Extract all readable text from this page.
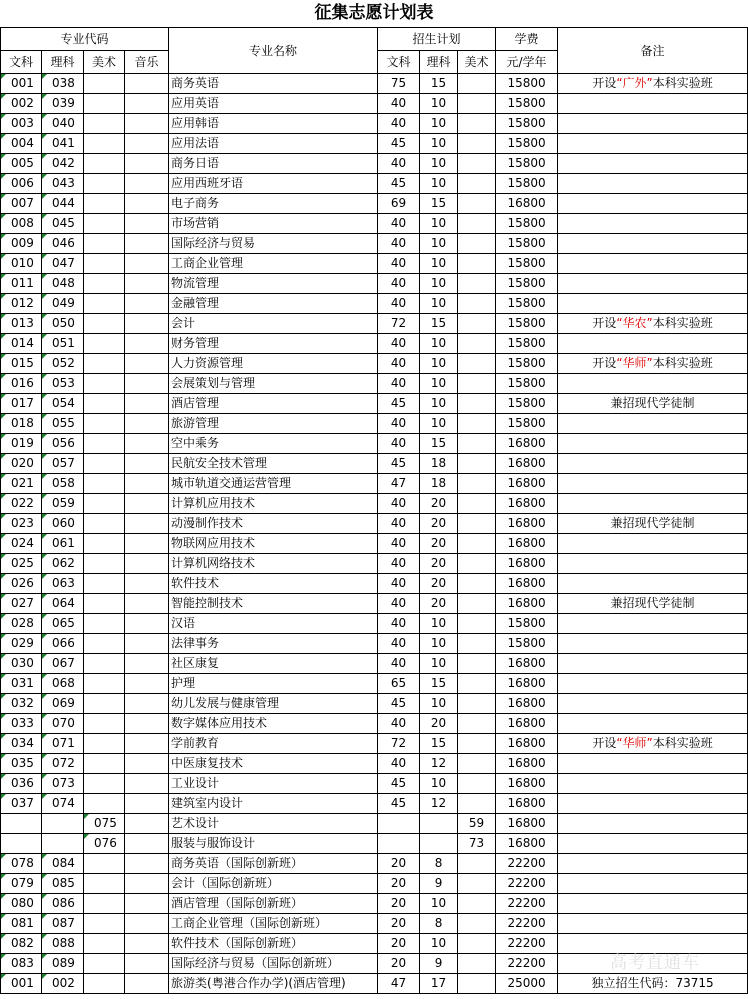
征集志愿计划表
专业代码				专业名称	招生计划			学费	备注
文科	理科	美术	音乐		文科	理科	美术	元/学年	
001	038			商务英语	75	15		15800	开设“广外”本科实验班
002	039			应用英语	40	10		15800	
003	040			应用韩语	40	10		15800	
004	041			应用法语	45	10		15800	
005	042			商务日语	40	10		15800	
006	043			应用西班牙语	45	10		15800	
007	044			电子商务	69	15		16800	
008	045			市场营销	40	10		15800	
009	046			国际经济与贸易	40	10		15800	
010	047			工商企业管理	40	10		15800	
011	048			物流管理	40	10		15800	
012	049			金融管理	40	10		15800	
013	050			会计	72	15		15800	开设“华农”本科实验班
014	051			财务管理	40	10		15800	
015	052			人力资源管理	40	10		15800	开设“华师”本科实验班
016	053			会展策划与管理	40	10		15800	
017	054			酒店管理	45	10		15800	兼招现代学徒制
018	055			旅游管理	40	10		15800	
019	056			空中乘务	40	15		16800	
020	057			民航安全技术管理	45	18		16800	
021	058			城市轨道交通运营管理	47	18		16800	
022	059			计算机应用技术	40	20		16800	
023	060			动漫制作技术	40	20		16800	兼招现代学徒制
024	061			物联网应用技术	40	20		16800	
025	062			计算机网络技术	40	20		16800	
026	063			软件技术	40	20		16800	
027	064			智能控制技术	40	20		16800	兼招现代学徒制
028	065			汉语	40	10		15800	
029	066			法律事务	40	10		15800	
030	067			社区康复	40	10		16800	
031	068			护理	65	15		16800	
032	069			幼儿发展与健康管理	45	10		16800	
033	070			数字媒体应用技术	40	20		16800	
034	071			学前教育	72	15		16800	开设“华师”本科实验班
035	072			中医康复技术	40	12		16800	
036	073			工业设计	45	10		16800	
037	074			建筑室内设计	45	12		16800	
		075		艺术设计			59	16800	
		076		服装与服饰设计			73	16800	
078	084			商务英语（国际创新班）	20	8		22200	
079	085			会计（国际创新班）	20	9		22200	
080	086			酒店管理（国际创新班）	20	10		22200	
081	087			工商企业管理（国际创新班）	20	8		22200	
082	088			软件技术（国际创新班）	20	10		22200	
083	089			国际经济与贸易（国际创新班）	20	9		22200	
001	002			旅游类(粤港合作办学)(酒店管理)	47	17		25000	独立招生代码：73715
高考直通车
